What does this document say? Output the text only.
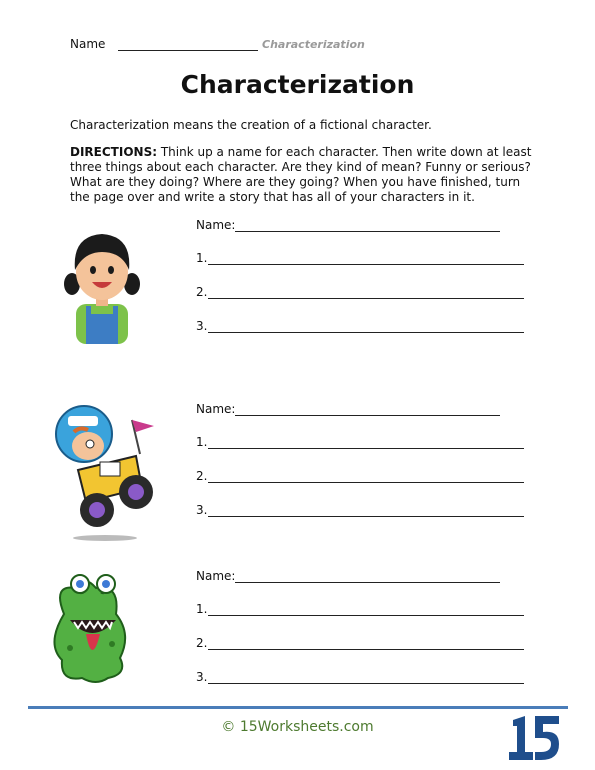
Name	Characterization
Characterization
Characterization means the creation of a fictional character.
DIRECTIONS: Think up a name for each character. Then write down at least three things about each character. Are they kind of mean? Funny or serious? What are they doing? Where are they going? When you have finished, turn the page over and write a story that has all of your characters in it.
Name:
1.
2.
3.
Name:
1.
2.
3.
Name:
1.
2.
3.
© 15Worksheets.com
